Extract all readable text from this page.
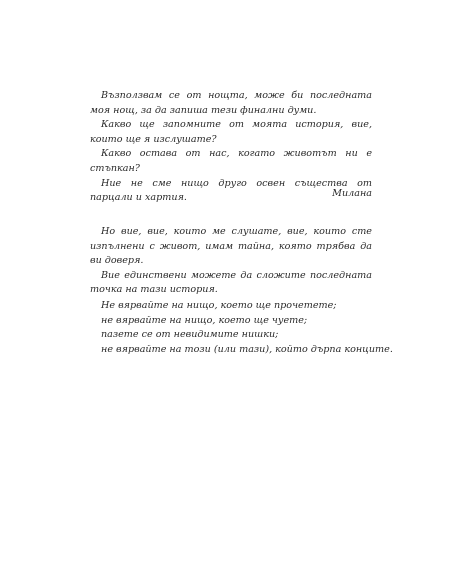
Възползвам се от нощта, може би последната моя нощ, за да запиша тези финални думи.

Какво ще запомните от моята история, вие, които ще я изслушате?

Какво остава от нас, когато животът ни е стъпкан?

Ние не сме нищо друго освен същества от парцали и хартия.	Милана

Но вие, вие, които ме слушате, вие, които сте изпълнени с живот, имам тайна, която трябва да ви доверя.

Вие единствени можете да сложите последната точка на тази история.

Не вярвайте на нищо, което ще прочетете;
не вярвайте на нищо, което ще чуете;
пазете се от невидимите нишки;
не вярвайте на този (или тази), който дърпа конците.
